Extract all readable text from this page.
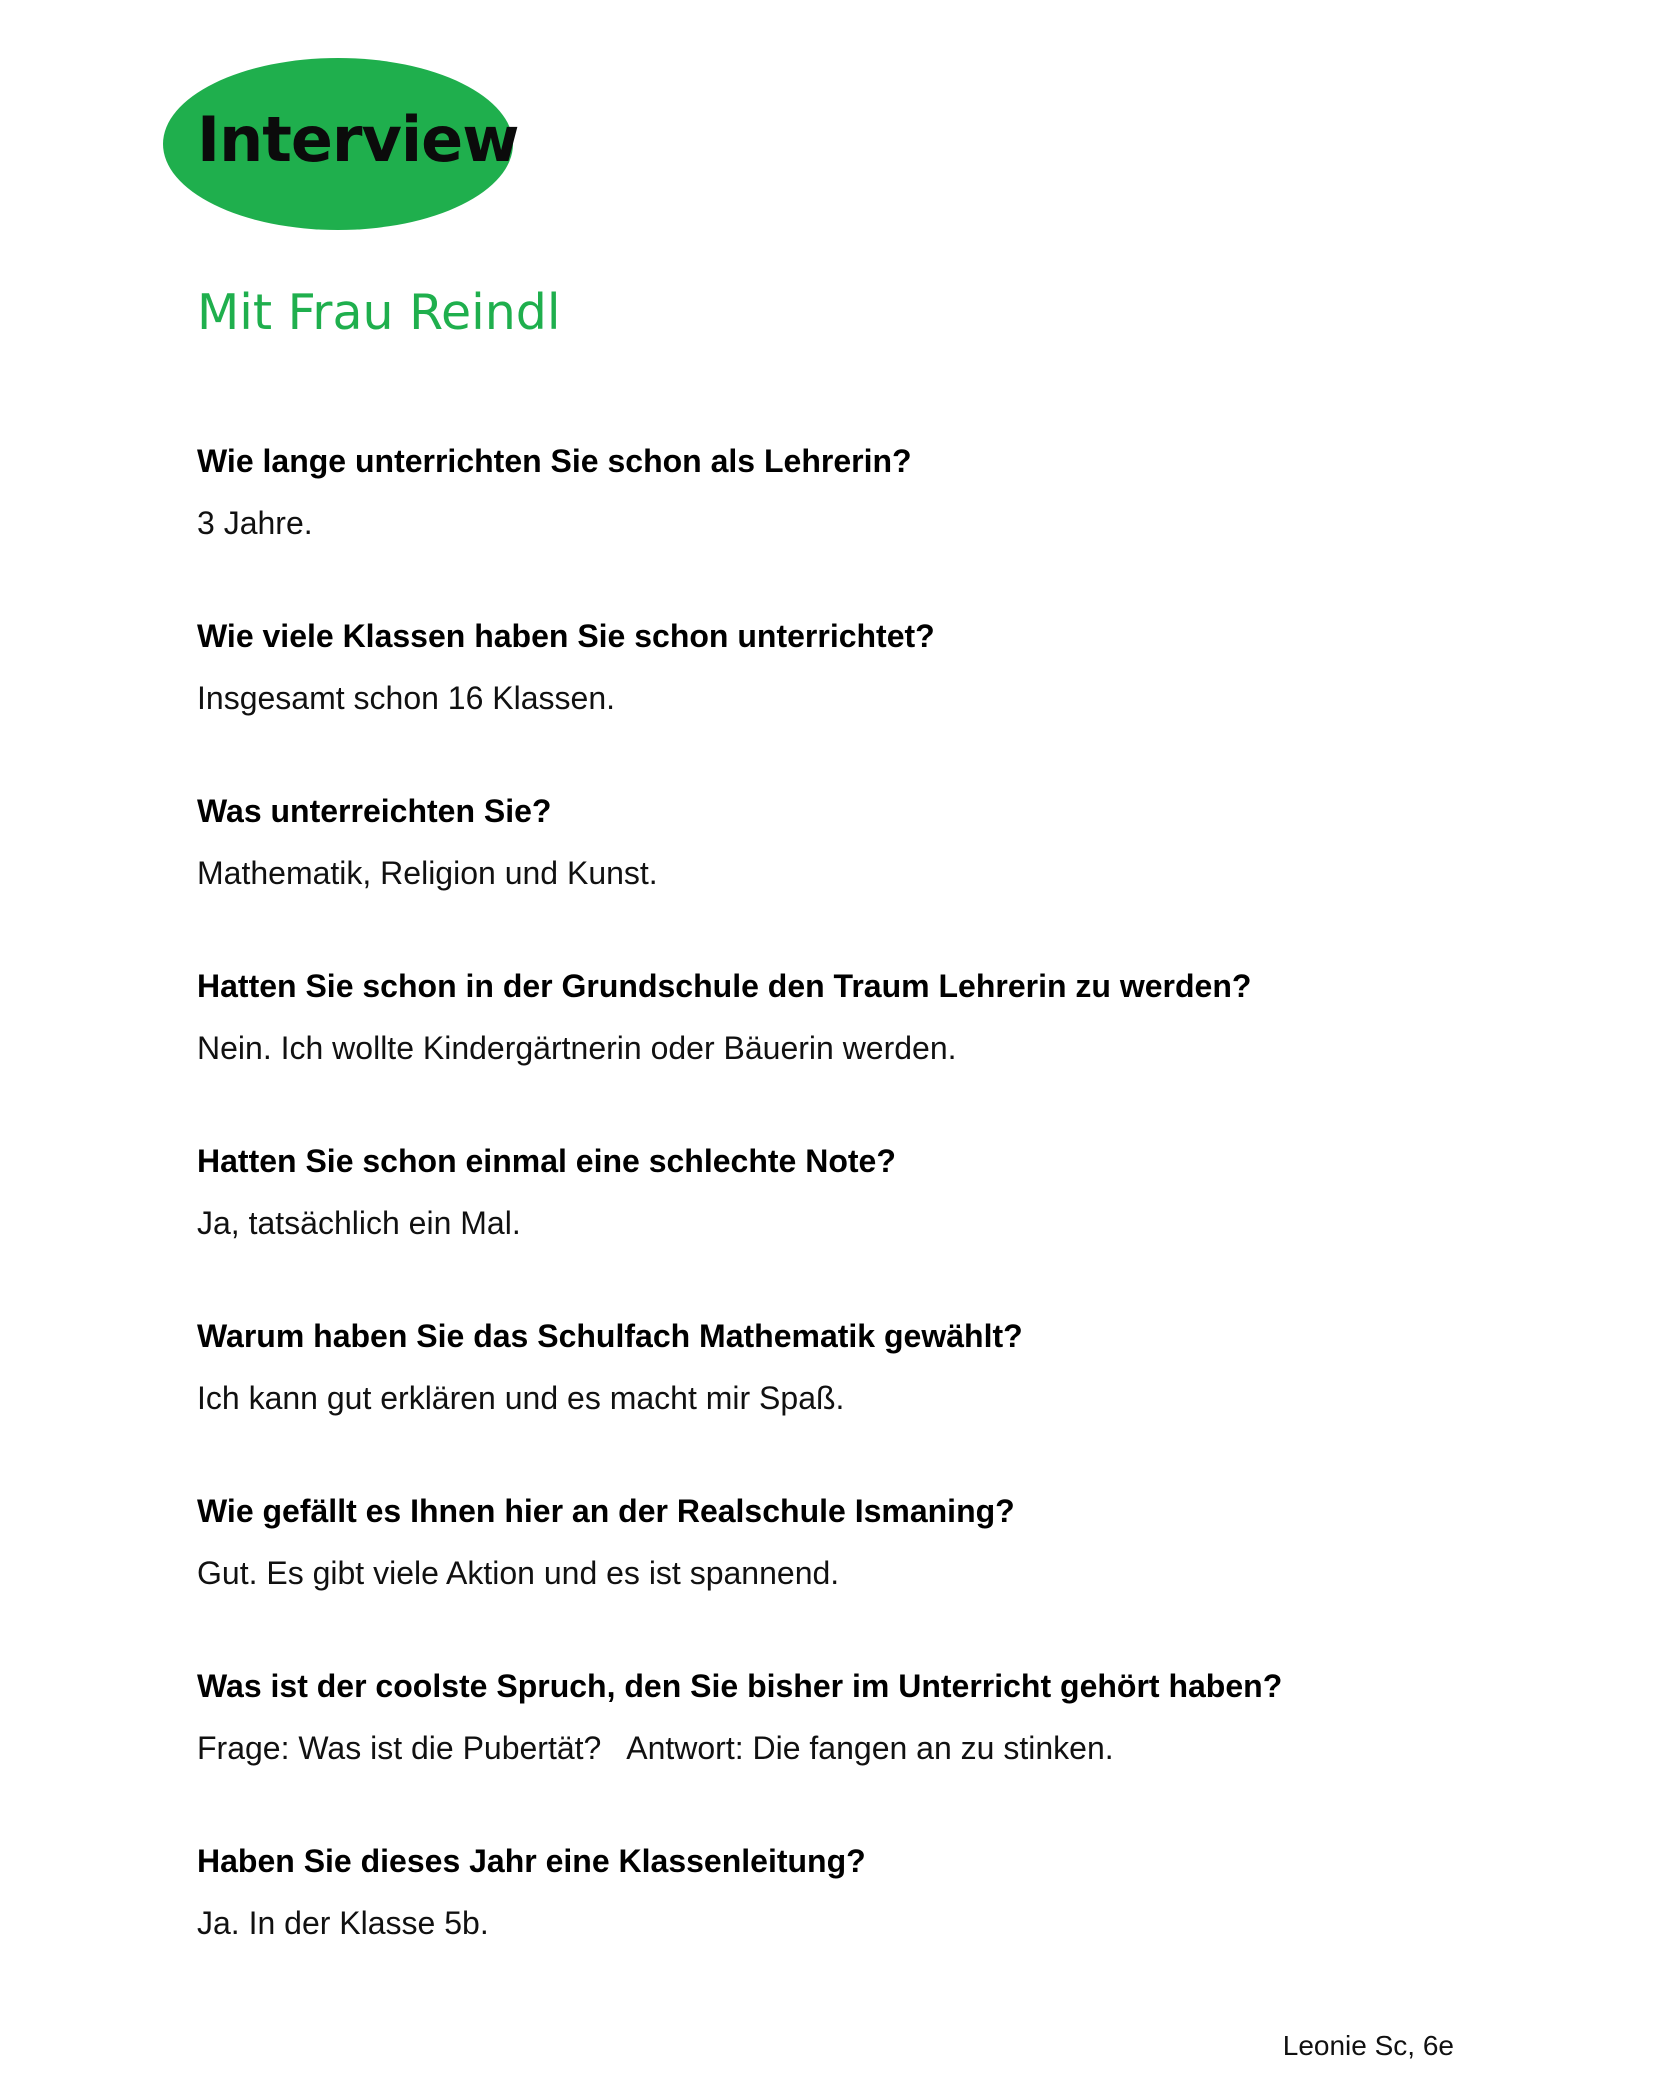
Interview
Mit Frau Reindl
Wie lange unterrichten Sie schon als Lehrerin?
3 Jahre.
Wie viele Klassen haben Sie schon unterrichtet?
Insgesamt schon 16 Klassen.
Was unterreichten Sie?
Mathematik, Religion und Kunst.
Hatten Sie schon in der Grundschule den Traum Lehrerin zu werden?
Nein. Ich wollte Kindergärtnerin oder Bäuerin werden.
Hatten Sie schon einmal eine schlechte Note?
Ja, tatsächlich ein Mal.
Warum haben Sie das Schulfach Mathematik gewählt?
Ich kann gut erklären und es macht mir Spaß.
Wie gefällt es Ihnen hier an der Realschule Ismaning?
Gut. Es gibt viele Aktion und es ist spannend.
Was ist der coolste Spruch, den Sie bisher im Unterricht gehört haben?
Frage: Was ist die Pubertät?   Antwort: Die fangen an zu stinken.
Haben Sie dieses Jahr eine Klassenleitung?
Ja. In der Klasse 5b.
Leonie Sc, 6e
